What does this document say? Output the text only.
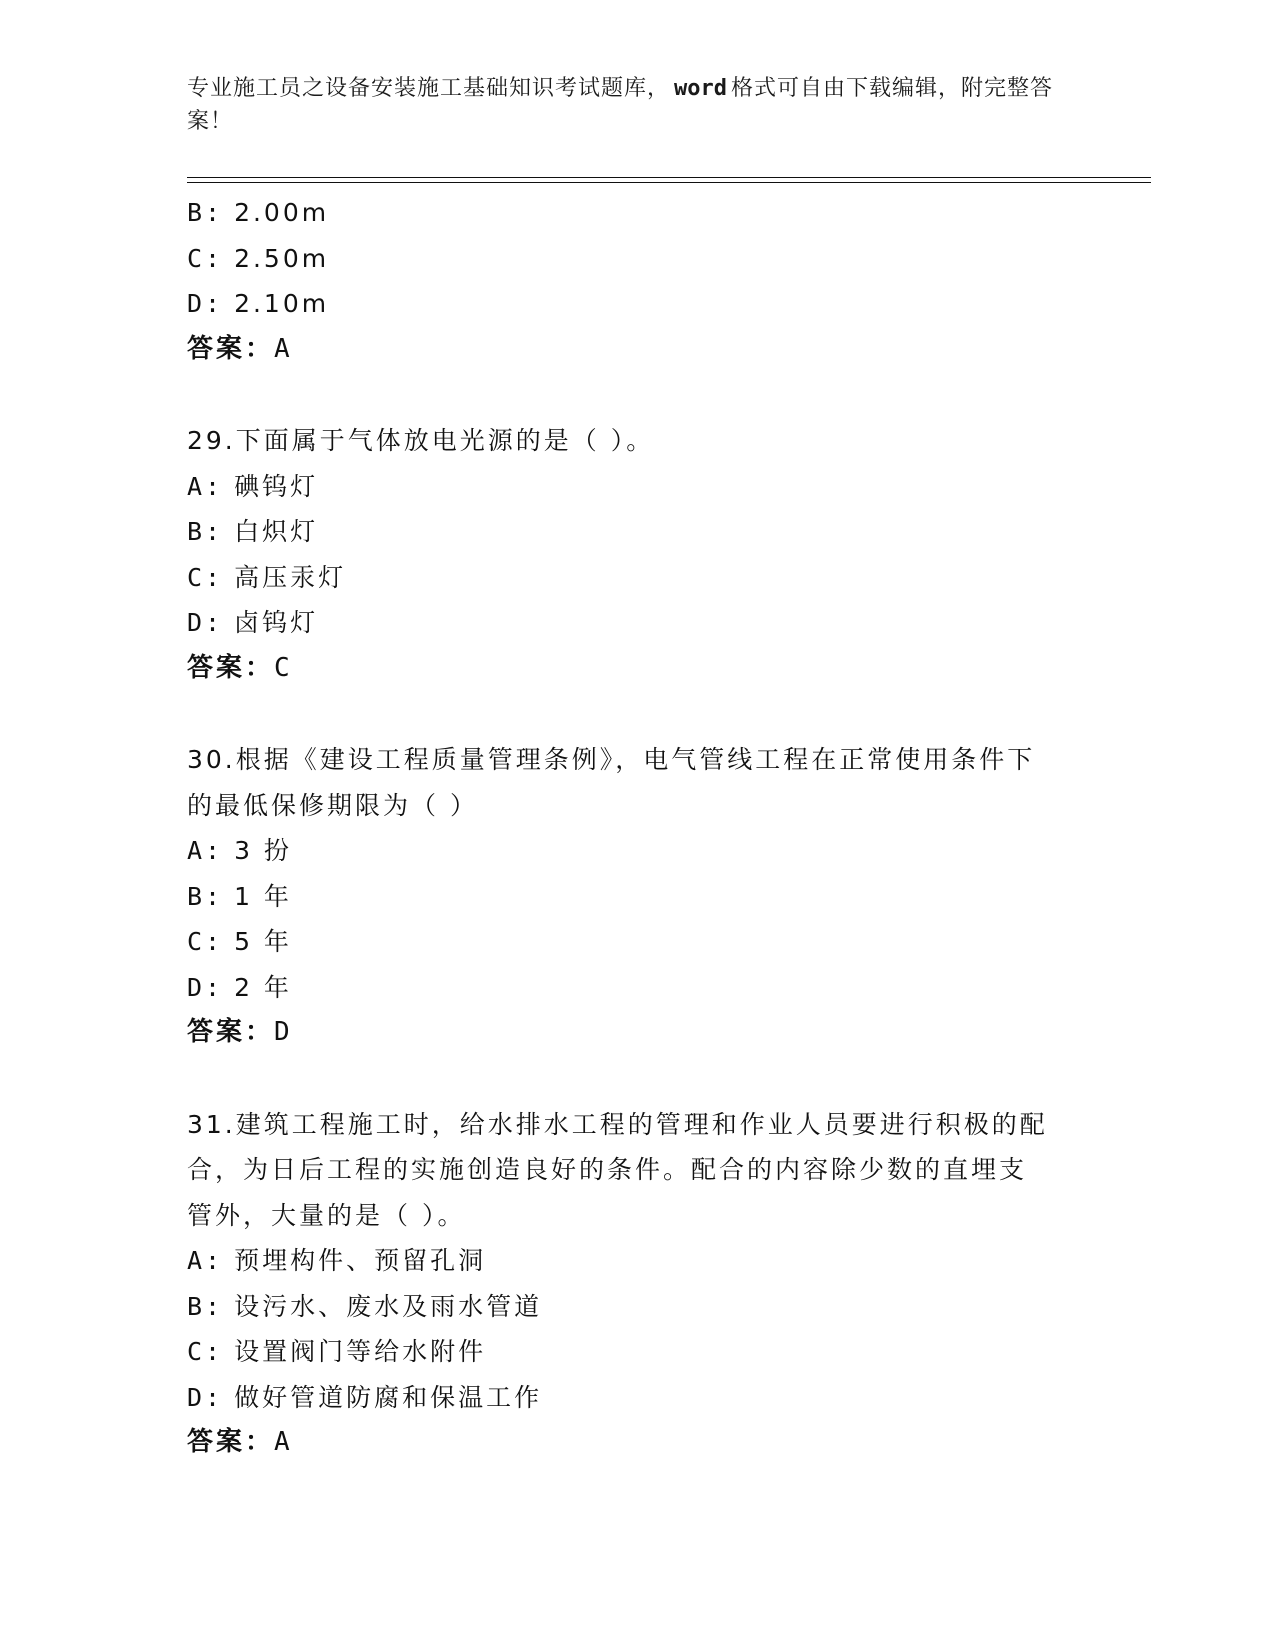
专业施工员之设备安装施工基础知识考试题库， word 格式可自由下载编辑，附完整答案！
B: 2.00m
C: 2.50m
D: 2.10m
答案：A
29.下面属于气体放电光源的是（ ）。
A: 碘钨灯
B: 白炽灯
C: 高压汞灯
D: 卤钨灯
答案：C
30.根据《建设工程质量管理条例》，电气管线工程在正常使用条件下
的最低保修期限为（ ）
A: 3 扮
B: 1 年
C: 5 年
D: 2 年
答案：D
31.建筑工程施工时，给水排水工程的管理和作业人员要进行积极的配
合，为日后工程的实施创造良好的条件。配合的内容除少数的直埋支
管外，大量的是（ ）。
A: 预埋构件、预留孔洞
B: 设污水、废水及雨水管道
C: 设置阀门等给水附件
D: 做好管道防腐和保温工作
答案：A
